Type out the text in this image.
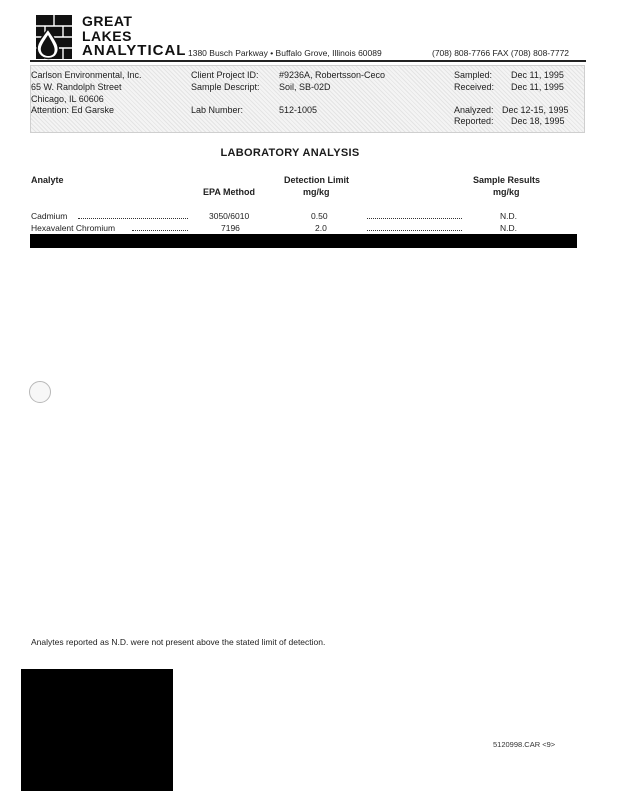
GREAT
LAKES
ANALYTICAL 1380 Busch Parkway • Buffalo Grove, Illinois 60089	(708) 808-7766 FAX (708) 808-7772
Carlson Environmental, Inc.
65 W. Randolph Street
Chicago, IL 60606
Attention: Ed Garske
Client Project ID: #9236A, Robertsson-Ceco
Sample Descript: Soil, SB-02D
Lab Number:	512-1005
Sampled: Dec 11, 1995
Received: Dec 11, 1995
Analyzed: Dec 12-15, 1995
Reported: Dec 18, 1995
LABORATORY ANALYSIS
Analyte
EPA Method
Detection Limit
mg/kg
Sample Results
mg/kg
Cadmium	3050/6010	0.50	N.D.
Hexavalent Chromium	7196	2.0	N.D.
Analytes reported as N.D. were not present above the stated limit of detection.
5120998.CAR <9>
